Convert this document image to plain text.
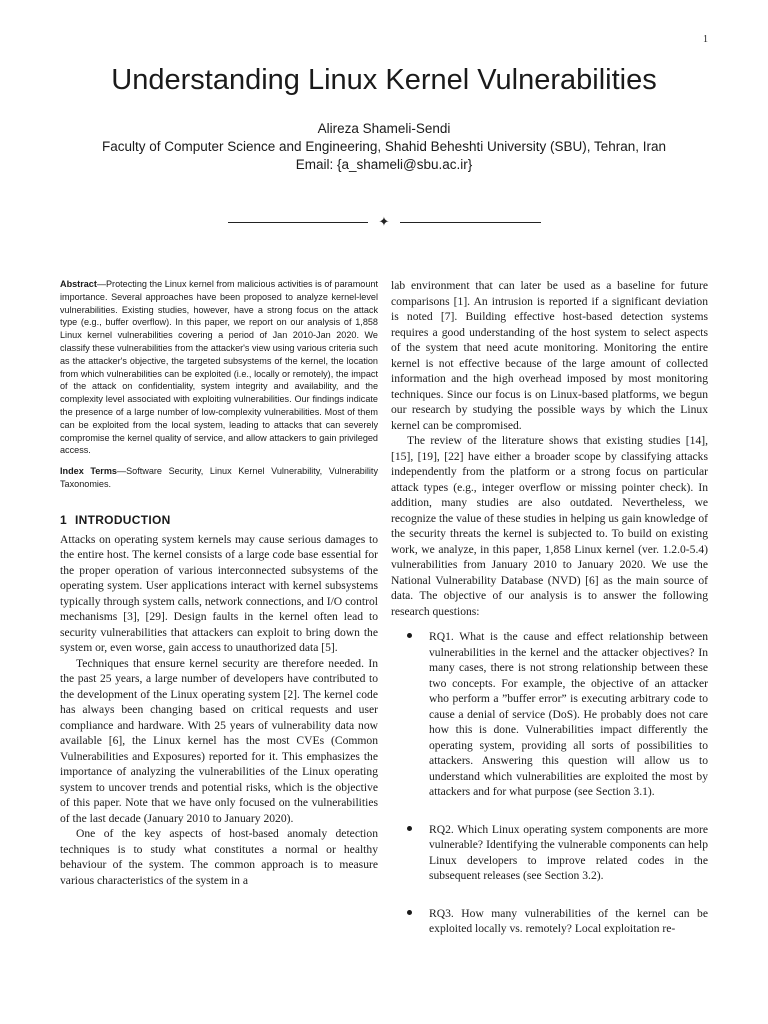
1
Understanding Linux Kernel Vulnerabilities
Alireza Shameli-Sendi
Faculty of Computer Science and Engineering, Shahid Beheshti University (SBU), Tehran, Iran
Email: {a_shameli@sbu.ac.ir}
✦

Abstract—Protecting the Linux kernel from malicious activities is of paramount importance. Several approaches have been proposed to analyze kernel-level vulnerabilities. Existing studies, however, have a strong focus on the attack type (e.g., buffer overflow). In this paper, we report on our analysis of 1,858 Linux kernel vulnerabilities covering a period of Jan 2010-Jan 2020. We classify these vulnerabilities from the attacker's view using various criteria such as the attacker's objective, the targeted subsystems of the kernel, the location from which vulnerabilities can be exploited (i.e., locally or remotely), the impact of the attack on confidentiality, system integrity and availability, and the complexity level associated with exploiting vulnerabilities. Our findings indicate the presence of a large number of low-complexity vulnerabilities. Most of them can be exploited from the local system, leading to attacks that can severely compromise the kernel quality of service, and allow attackers to gain privileged access.

Index Terms—Software Security, Linux Kernel Vulnerability, Vulnerability Taxonomies.

1 INTRODUCTION

Attacks on operating system kernels may cause serious damages to the entire host. The kernel consists of a large code base essential for the proper operation of various interconnected subsystems of the operating system. User applications interact with kernel subsystems typically through system calls, network connections, and I/O control mechanisms [3], [29]. Design faults in the kernel often lead to security vulnerabilities that attackers can exploit to bring down the system or, even worse, gain access to unauthorized data [5].

Techniques that ensure kernel security are therefore needed. In the past 25 years, a large number of developers have contributed to the development of the Linux operating system [2]. The kernel code has always been changing based on critical requests and user compliance and hardware. With 25 years of vulnerability data now available [6], the Linux kernel has the most CVEs (Common Vulnerabilities and Exposures) reported for it. This emphasizes the importance of analyzing the vulnerabilities of the Linux operating system to uncover trends and potential risks, which is the objective of this paper. Note that we have only focused on the vulnerabilities of the last decade (January 2010 to January 2020).

One of the key aspects of host-based anomaly detection techniques is to study what constitutes a normal or healthy behaviour of the system. The common approach is to measure various characteristics of the system in a

lab environment that can later be used as a baseline for future comparisons [1]. An intrusion is reported if a significant deviation is noted [7]. Building effective host-based detection systems requires a good understanding of the host system to select aspects of the system that need acute monitoring. Monitoring the entire kernel is not effective because of the large amount of collected information and the high overhead imposed by most monitoring techniques. Since our focus is on Linux-based platforms, we begun our research by studying the possible ways by which the Linux kernel can be compromised.

The review of the literature shows that existing studies [14], [15], [19], [22] have either a broader scope by classifying attacks independently from the platform or a strong focus on particular attack types (e.g., integer overflow or missing pointer check). In addition, many studies are also outdated. Nevertheless, we recognize the value of these studies in helping us gain knowledge of the security threats the kernel is subjected to. To build on existing work, we analyze, in this paper, 1,858 Linux kernel (ver. 1.2.0-5.4) vulnerabilities from January 2010 to January 2020. We use the National Vulnerability Database (NVD) [6] as the main source of data. The objective of our analysis is to answer the following research questions:

RQ1. What is the cause and effect relationship between vulnerabilities in the kernel and the attacker objectives? In many cases, there is not strong relationship between these two concepts. For example, the objective of an attacker who perform a ”buffer error” is executing arbitrary code to cause a denial of service (DoS). He probably does not care how this is done. Vulnerabilities impact differently the operating system, providing all sorts of possibilities to attackers. Answering this question will allow us to understand which vulnerabilities are exploited the most by attackers and for what purpose (see Section 3.1).

RQ2. Which Linux operating system components are more vulnerable? Identifying the vulnerable components can help Linux developers to improve related codes in the subsequent releases (see Section 3.2).

RQ3. How many vulnerabilities of the kernel can be exploited locally vs. remotely? Local exploitation re-
